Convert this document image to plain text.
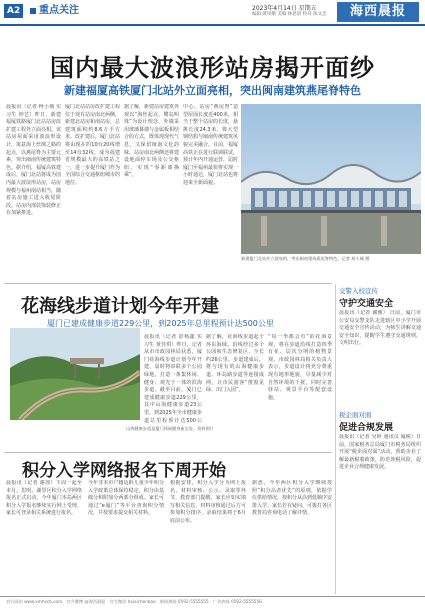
A2	重点关注	2023年4月14日 星期五
编辑 黄凤娥 美编 林思晨 校对 陈文忠	海西晨报
国内最大波浪形站房揭开面纱
新建福厦高铁厦门北站外立面亮相，突出闽南建筑燕尾脊特色
晨报讯（记者 柯小城 实习生 钟艺）昨日，新建福厦铁路厦门北站站房改扩建工程外立面亮相。该站房屋面采用波浪形设计，寓意海上丝绸之路的起点，以燕尾脊为主要元素，突出闽南传统建筑特色。据介绍，福厦高铁建成后，厦门北站将成为国内最大波浪形站房，站房规模与福州南站相当。随着站房施工进入收尾阶段，站房内部装饰装修正在加紧推进。
厦门北站站房改扩建工程位于现有站房南北两侧，新建北站房和南站房，总建筑面积约8.6万平方米。改扩建后，厦门北站将由现在的10台20线增至14台32线，成为福建省规模最大的高铁站之一，进一步提升厦门作为全国综合交通枢纽城市的地位。
据了解，新建站房建筑外观以“海丝起点、鹭岛明珠”为设计理念，外墙采用玻璃幕墙与金属板相结合的方式，既体现现代气息，又保留闽南文化韵味。站房南北两侧还将建设地面停车场及公交枢纽，实现“零距离换乘”。
中心。站房“燕尾脊”造型屋面长度近400米，相当于整个站房的长度，悬挑长度24.3米，将大型钢结构与闽南传统建筑风貌完美融合。目前，福厦高铁正在进行联调联试，预计年内开通运营，届时厦门至福州最快将实现一小时通达，厦门北站也将迎来全新面貌。
新建厦门北站外立面亮相，突出闽南建筑燕尾脊特色。记者 柯小城 摄
花海线步道计划今年开建
厦门已建成健康步道229公里，到2025年总里程预计达500公里
晨报讯（记者 彭杨鑫 实习生 黄佳琪）昨日，记者从市市政园林局获悉，厦门花海线步道计划今年开建，届时将串联多个公园绿地，打造一条集休闲、健身、观光于一体的滨海步道。截至目前，厦门已建成健康步道229公里，其中山海健康步道23公里，到2025年全市健康步道总里程预计达500公
据了解，花海线步道起于环东海域，沿线经过多个公园和生态修复区，全长约26公里。步道建成后，将与现有的山海健康步道、环岛路步道等连接成网，让市民游客“推窗见绿、出门入园”。
“每一季都会有”的花海景观，将在步道沿线打造四季有花、层次分明的植物景观。市政园林局相关负责人表示，步道设计将充分尊重现有地形地貌，尽量减少对自然环境的干扰，同时完善驿站、观景平台等配套设施。
山海健康步道是厦门休闲健身新去处。资料图片
交警入校宣传
守护交通安全
晨报讯（记者 谢雅） 日前，厦门市公安局交警支队走进辖区中小学开展交通安全宣传活动，为师生讲解交通安全知识，提醒学生遵守交通规则，文明出行。
税企面对面
促进合规发展
晨报讯（记者 吴婷 通讯员 厦税）日前，国家税务总局厦门市税务局组织开展“税企面对面”活动，帮助企业了解最新税收政策，防范涉税风险，促进企业合规健康发展。
积分入学网络报名下周开始
晨报讯（记者 谢茜）下周一起至本月，思明、湖里区积分入学网络报名正式启动。今年厦门本岛两区积分入学报名继续实行网上受理，家长可登录相关系统进行报名。
今年非本市户籍适龄儿童少年积分入学政策总体保持稳定，积分由基础分和附加分两部分组成。家长可通过“e厦门”等平台查询积分情况，并按要求提交相关材料。
根据安排，积分入学分为网上报名、材料审核、公示、录取等环节。教育部门提醒，家长应如实填写相关信息，材料审核通过后方可参加积分排序，录取结果将于6月底前公布。
据悉，今年两区积分入学继续按照“积分高者优先”的原则，依据学位供给情况，按积分从高到低顺序安排入学。家长若有疑问，可拨打各区教育局咨询电话了解详情。
官方网站 www.xmhxcb.com　官方微博 @海西晨报　官方微信 haixichenbao　新闻热线 0592-5555555　广告热线 0592-5555556
